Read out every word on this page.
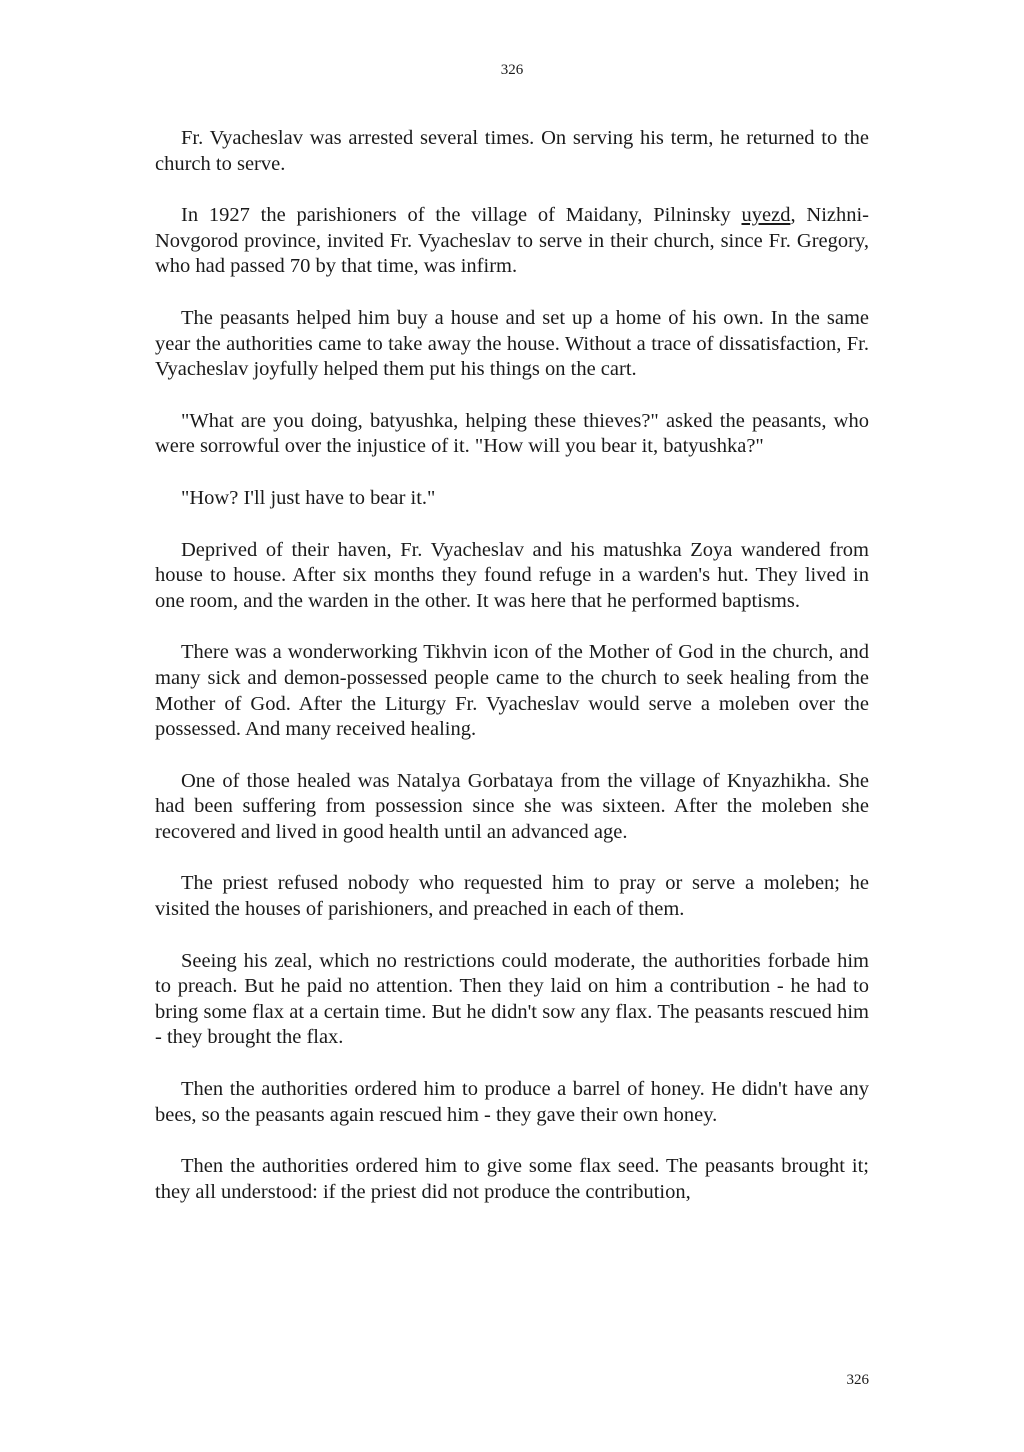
326

Fr. Vyacheslav was arrested several times. On serving his term, he returned to the church to serve.

In 1927 the parishioners of the village of Maidany, Pilninsky uyezd, Nizhni-Novgorod province, invited Fr. Vyacheslav to serve in their church, since Fr. Gregory, who had passed 70 by that time, was infirm.

The peasants helped him buy a house and set up a home of his own. In the same year the authorities came to take away the house. Without a trace of dissatisfaction, Fr. Vyacheslav joyfully helped them put his things on the cart.

"What are you doing, batyushka, helping these thieves?" asked the peasants, who were sorrowful over the injustice of it. "How will you bear it, batyushka?"

"How? I'll just have to bear it."

Deprived of their haven, Fr. Vyacheslav and his matushka Zoya wandered from house to house. After six months they found refuge in a warden's hut. They lived in one room, and the warden in the other. It was here that he performed baptisms.

There was a wonderworking Tikhvin icon of the Mother of God in the church, and many sick and demon-possessed people came to the church to seek healing from the Mother of God. After the Liturgy Fr. Vyacheslav would serve a moleben over the possessed. And many received healing.

One of those healed was Natalya Gorbataya from the village of Knyazhikha. She had been suffering from possession since she was sixteen. After the moleben she recovered and lived in good health until an advanced age.

The priest refused nobody who requested him to pray or serve a moleben; he visited the houses of parishioners, and preached in each of them.

Seeing his zeal, which no restrictions could moderate, the authorities forbade him to preach. But he paid no attention. Then they laid on him a contribution - he had to bring some flax at a certain time. But he didn't sow any flax. The peasants rescued him - they brought the flax.

Then the authorities ordered him to produce a barrel of honey. He didn't have any bees, so the peasants again rescued him - they gave their own honey.

Then the authorities ordered him to give some flax seed. The peasants brought it; they all understood: if the priest did not produce the contribution,

326
